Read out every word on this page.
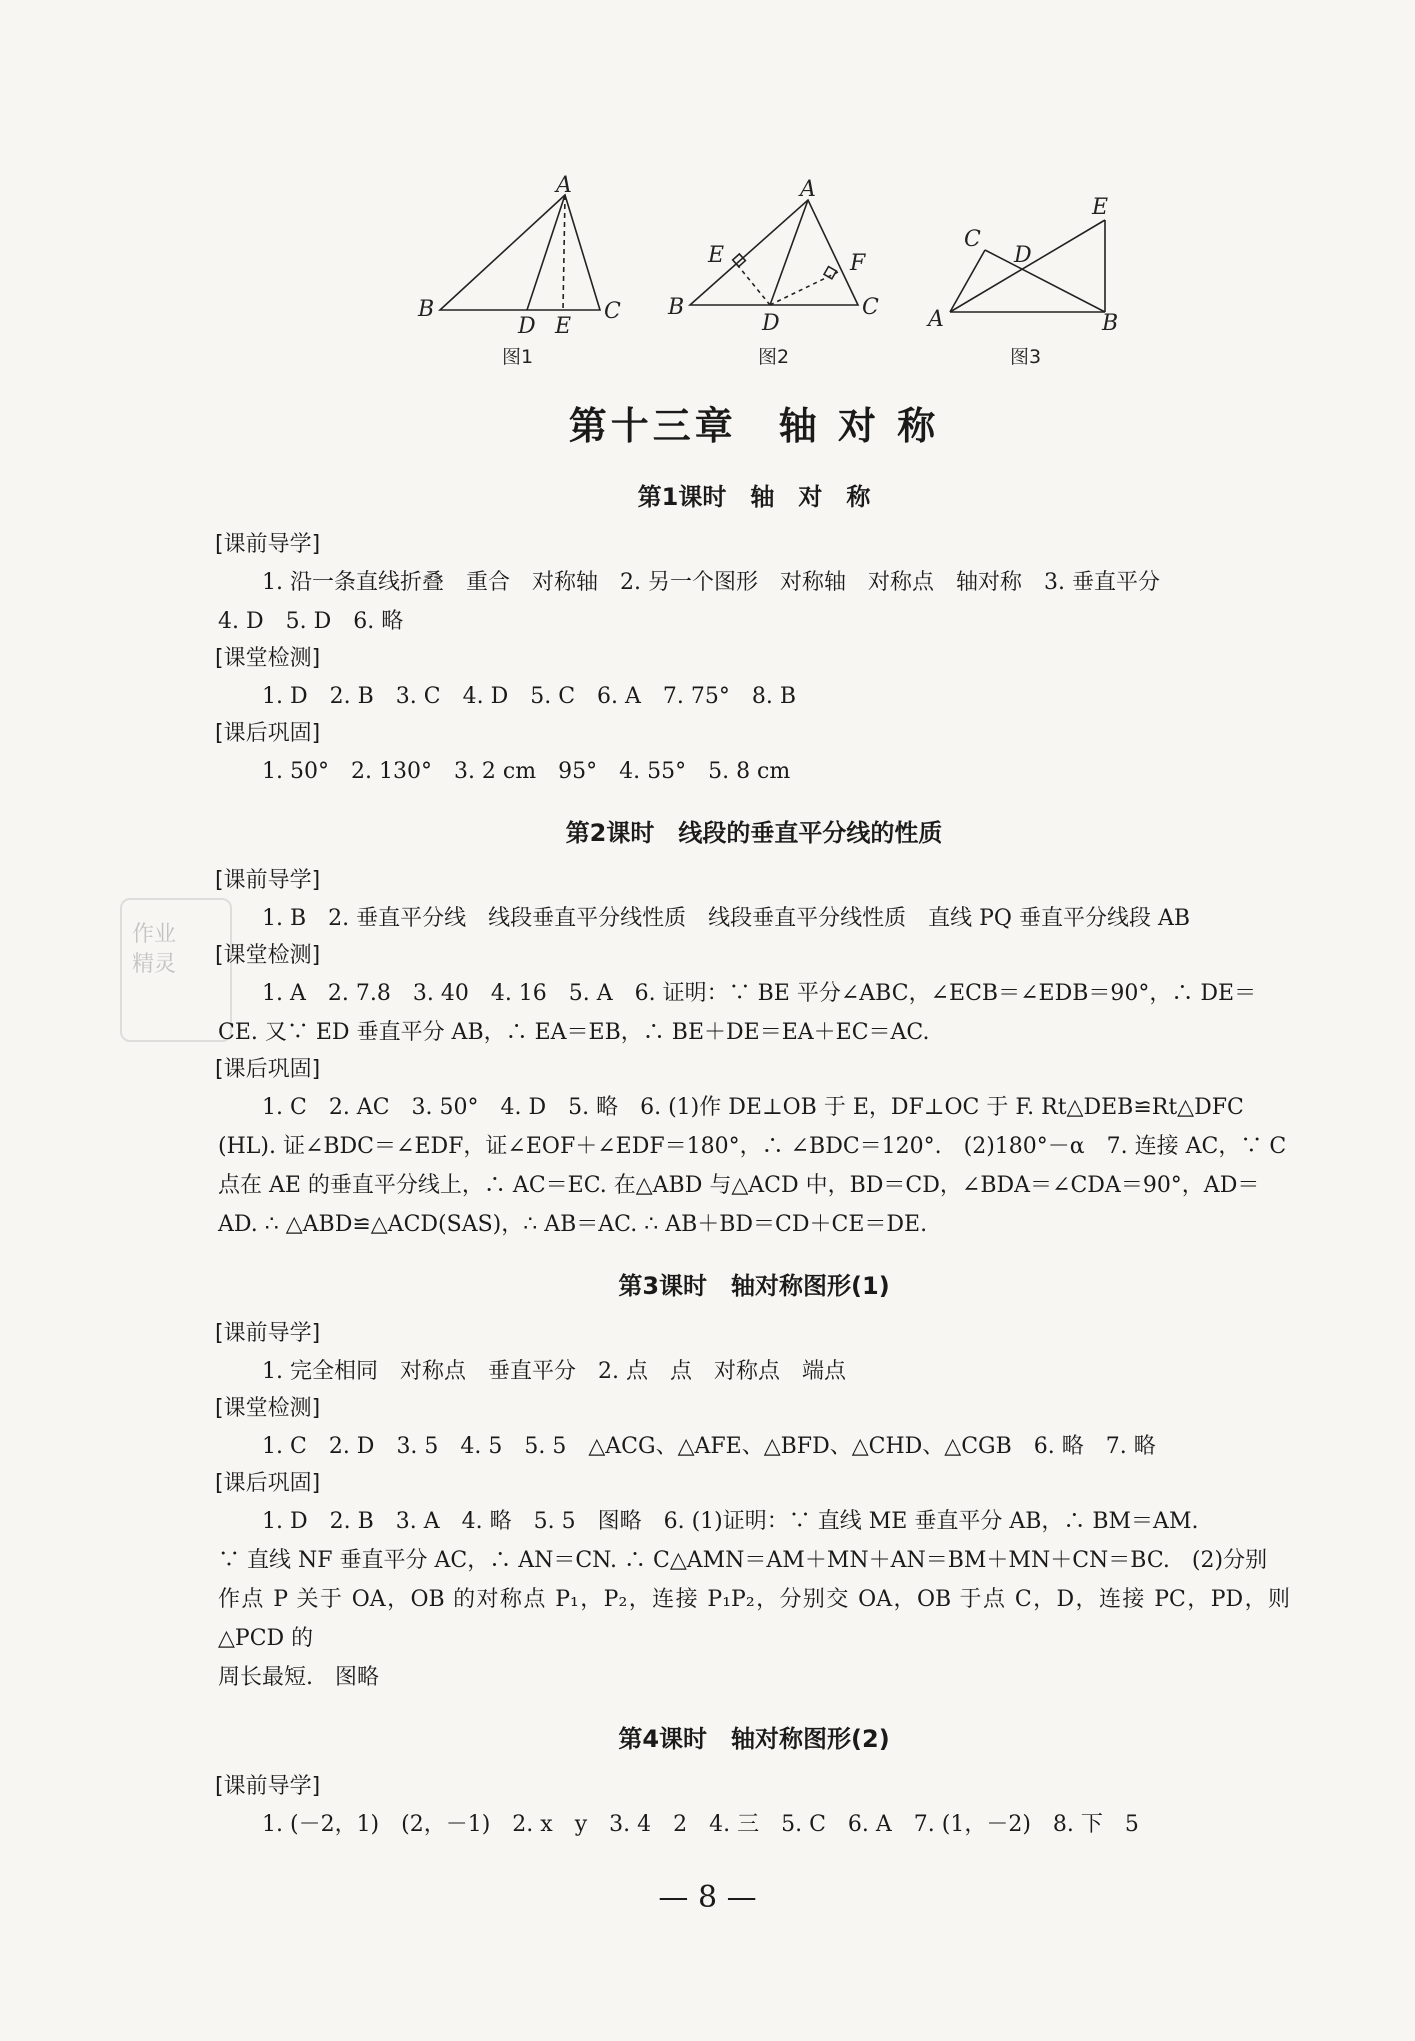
A
B
D E
C
A
E	F
B
D
C
E
C
D
A	B
图1	图2	图3
作业
精灵
第十三章　轴 对 称
第1课时　轴　对　称
[课前导学]

1. 沿一条直线折叠　重合　对称轴　2. 另一个图形　对称轴　对称点　轴对称　3. 垂直平分
4. D　5. D　6. 略

[课堂检测]

1. D　2. B　3. C　4. D　5. C　6. A　7. 75°　8. B

[课后巩固]

1. 50°　2. 130°　3. 2 cm　95°　4. 55°　5. 8 cm

第2课时　线段的垂直平分线的性质
[课前导学]

1. B　2. 垂直平分线　线段垂直平分线性质　线段垂直平分线性质　直线 PQ 垂直平分线段 AB

[课堂检测]

1. A　2. 7.8　3. 40　4. 16　5. A　6. 证明：∵ BE 平分∠ABC，∠ECB＝∠EDB＝90°，∴ DE＝
CE. 又∵ ED 垂直平分 AB，∴ EA＝EB，∴ BE＋DE＝EA＋EC＝AC.

[课后巩固]

1. C　2. AC　3. 50°　4. D　5. 略　6. (1)作 DE⊥OB 于 E，DF⊥OC 于 F. Rt△DEB≌Rt△DFC
(HL). 证∠BDC＝∠EDF，证∠EOF＋∠EDF＝180°，∴ ∠BDC＝120°.　(2)180°－α　7. 连接 AC，∵ C
点在 AE 的垂直平分线上，∴ AC＝EC. 在△ABD 与△ACD 中，BD＝CD，∠BDA＝∠CDA＝90°，AD＝
AD. ∴ △ABD≌△ACD(SAS)，∴ AB＝AC. ∴ AB＋BD＝CD＋CE＝DE.

第3课时　轴对称图形(1)
[课前导学]

1. 完全相同　对称点　垂直平分　2. 点　点　对称点　端点

[课堂检测]

1. C　2. D　3. 5　4. 5　5. 5　△ACG、△AFE、△BFD、△CHD、△CGB　6. 略　7. 略

[课后巩固]

1. D　2. B　3. A　4. 略　5. 5　图略　6. (1)证明：∵ 直线 ME 垂直平分 AB，∴ BM＝AM.
∵ 直线 NF 垂直平分 AC，∴ AN＝CN. ∴ C△AMN＝AM＋MN＋AN＝BM＋MN＋CN＝BC.　(2)分别
作点 P 关于 OA，OB 的对称点 P₁，P₂，连接 P₁P₂，分别交 OA，OB 于点 C，D，连接 PC，PD，则△PCD 的
周长最短.　图略

第4课时　轴对称图形(2)
[课前导学]

1. (－2，1)　(2，－1)　2. x　y　3. 4　2　4. 三　5. C　6. A　7. (1，－2)　8. 下　5

— 8 —
